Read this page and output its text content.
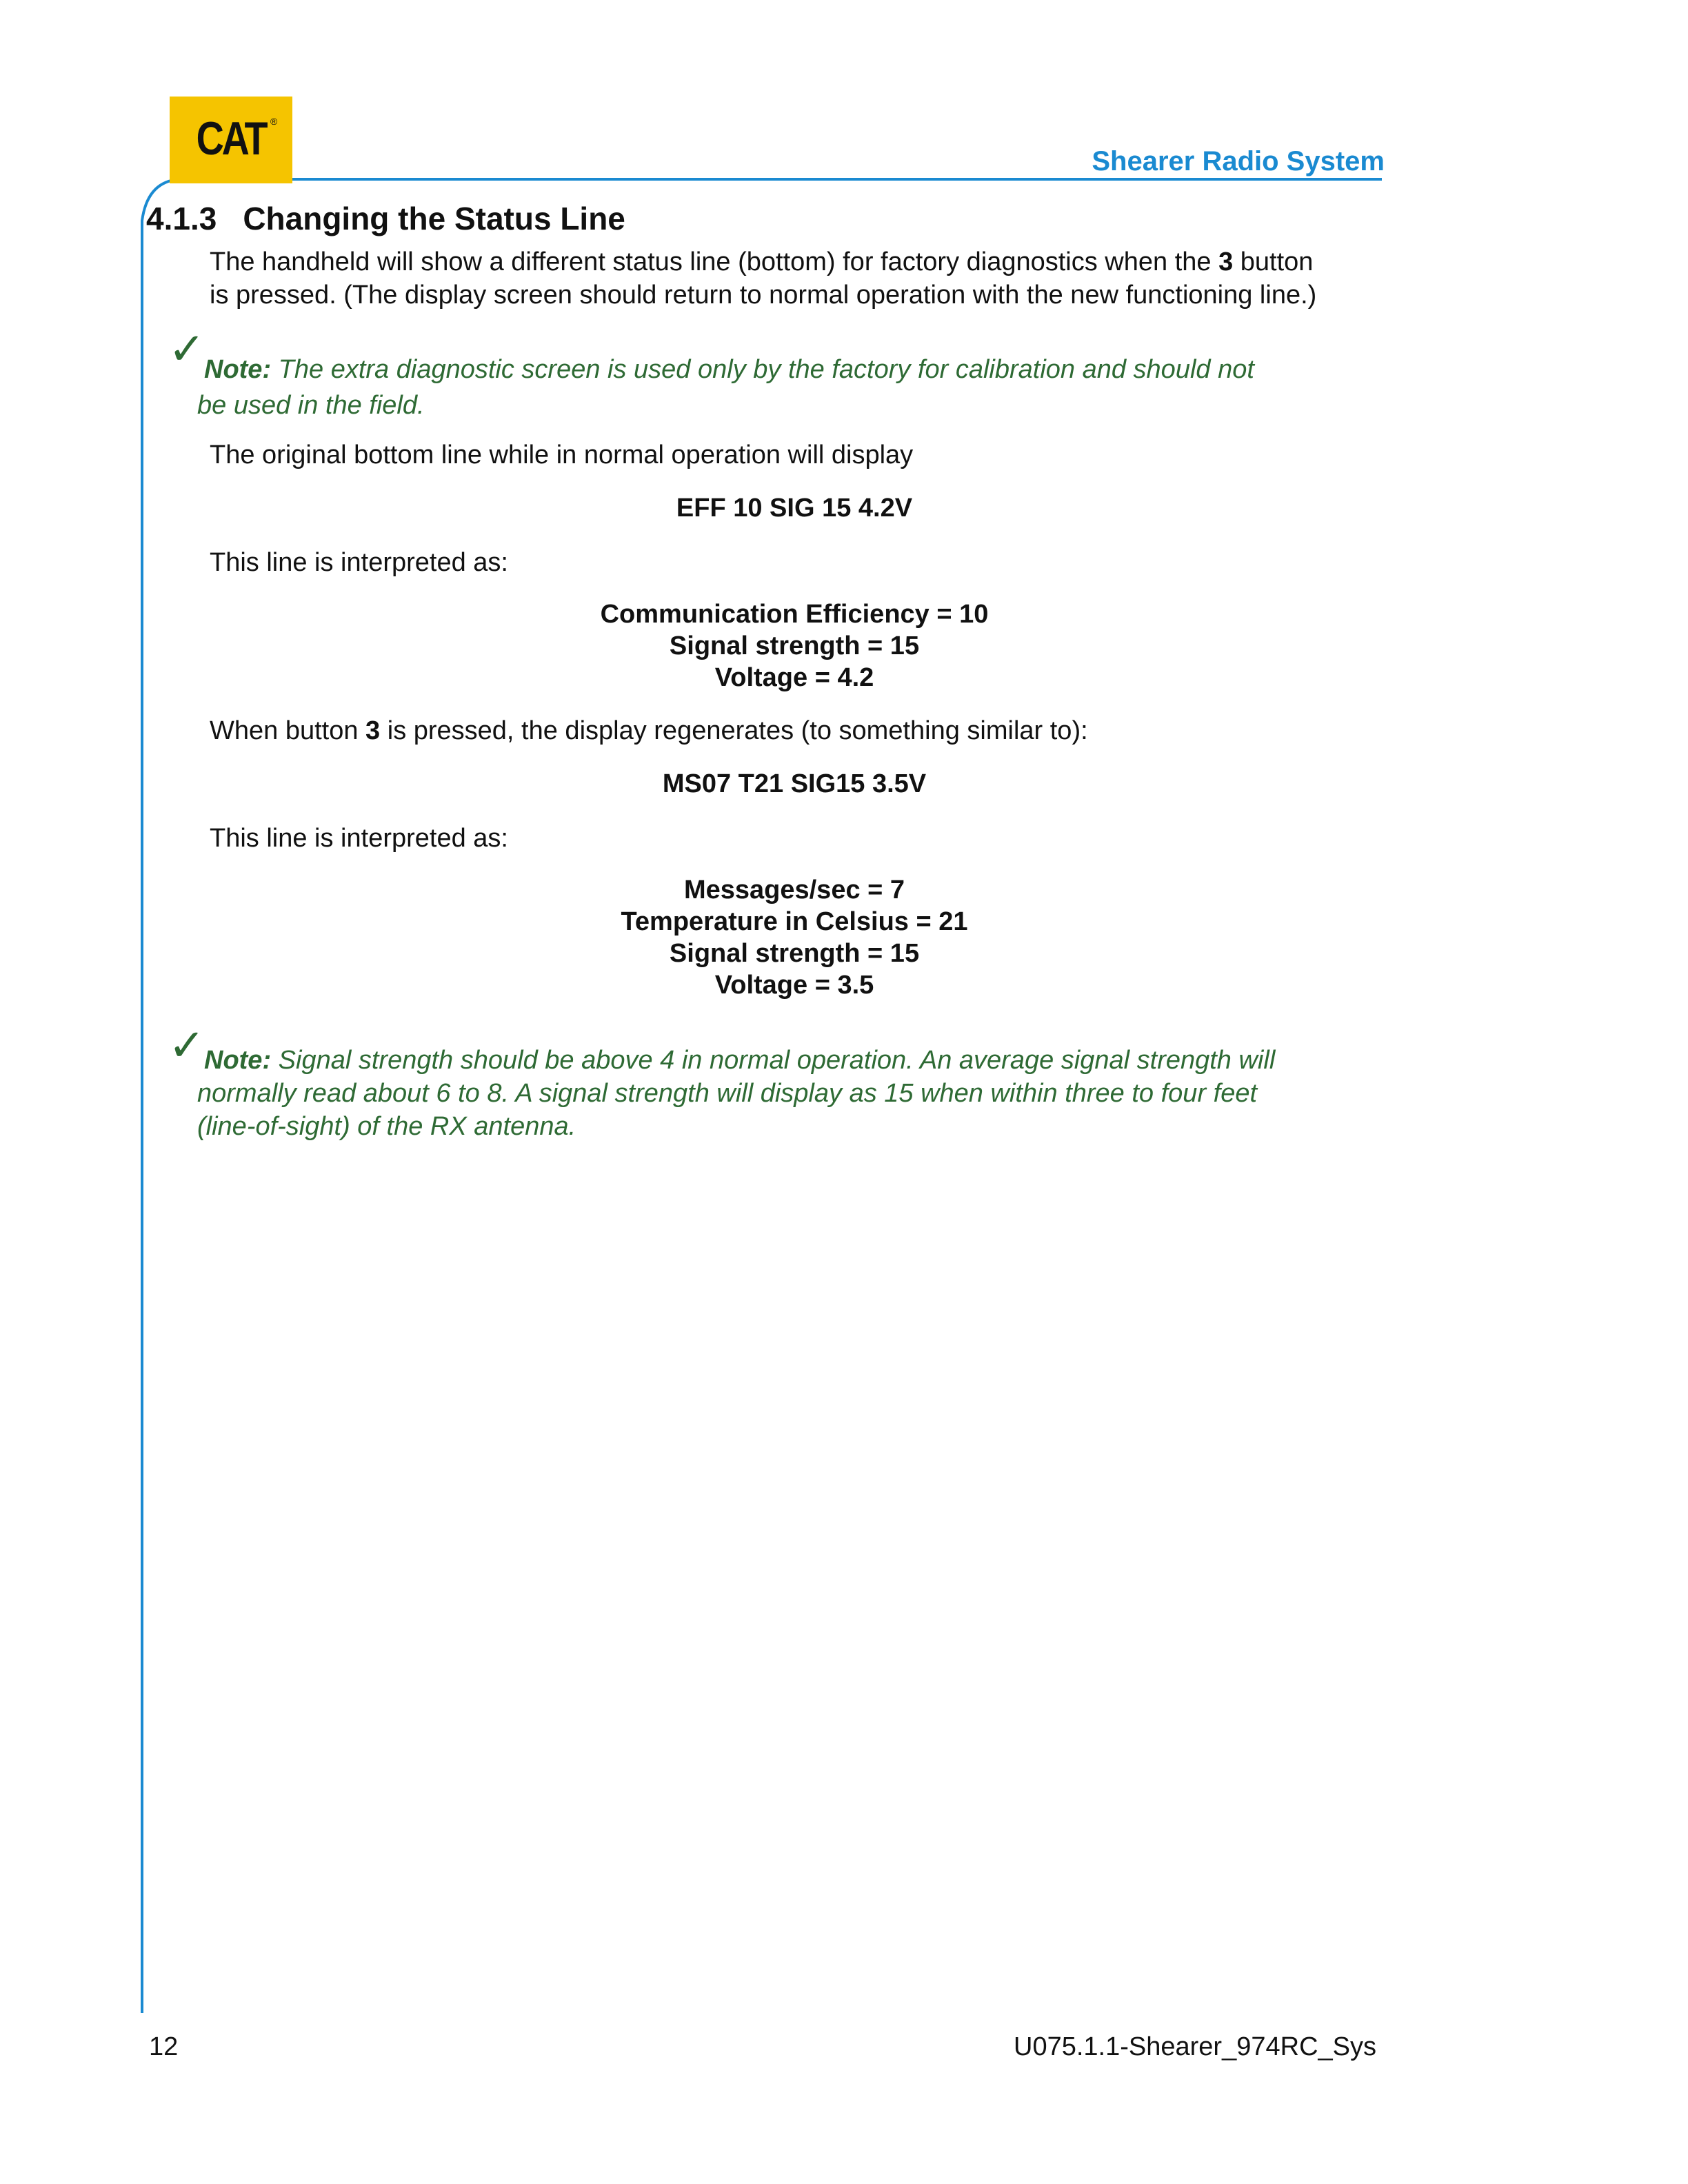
CAT ®
Shearer Radio System
4.1.3 Changing the Status Line
The handheld will show a different status line (bottom) for factory diagnostics when the 3 button
is pressed. (The display screen should return to normal operation with the new functioning line.)
✓
Note: The extra diagnostic screen is used only by the factory for calibration and should not
be used in the field.
The original bottom line while in normal operation will display
EFF 10 SIG 15 4.2V
This line is interpreted as:
Communication Efficiency = 10
Signal strength = 15
Voltage = 4.2
When button 3 is pressed, the display regenerates (to something similar to):
MS07 T21 SIG15 3.5V
This line is interpreted as:
Messages/sec = 7
Temperature in Celsius = 21
Signal strength = 15
Voltage = 3.5
✓
Note: Signal strength should be above 4 in normal operation. An average signal strength will
normally read about 6 to 8. A signal strength will display as 15 when within three to four feet
(line-of-sight) of the RX antenna.
12	U075.1.1-Shearer_974RC_Sys
